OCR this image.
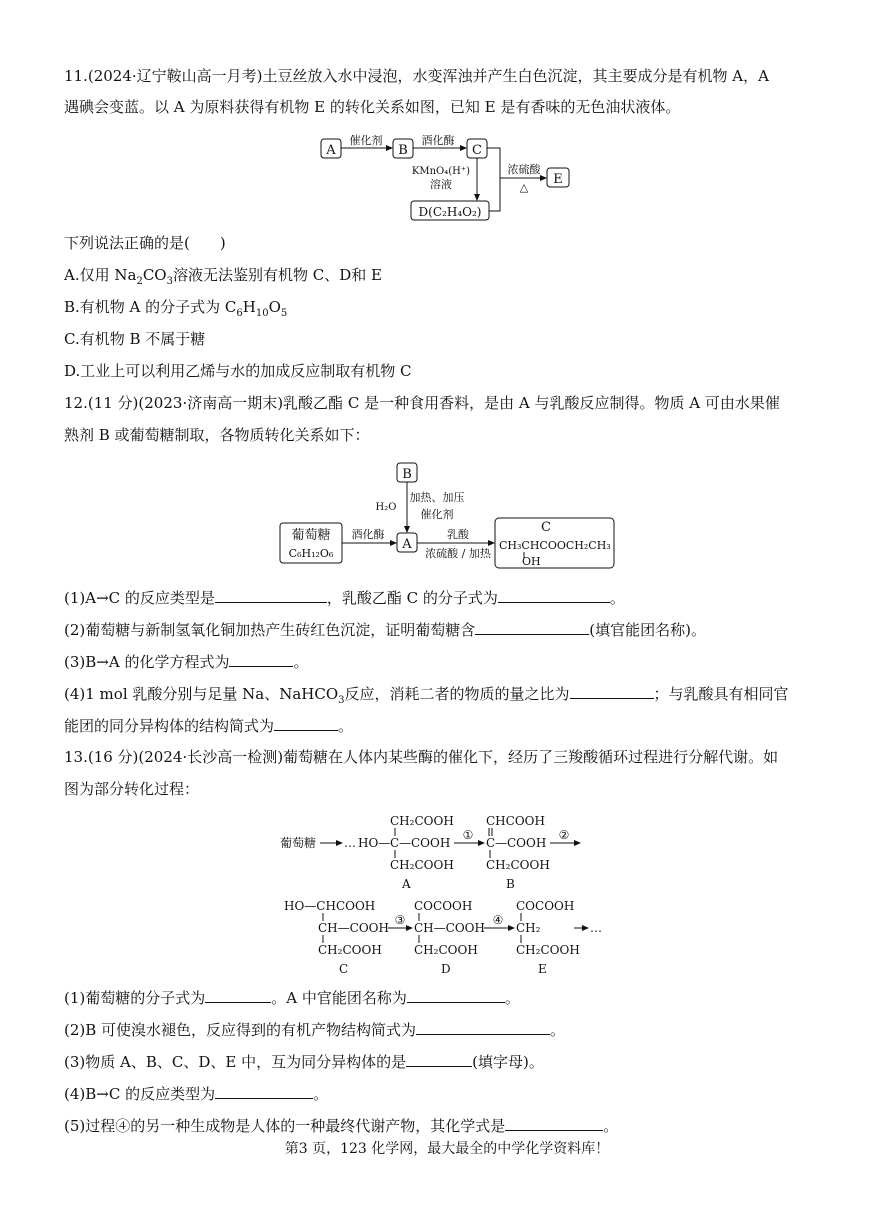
11.(2024·辽宁鞍山高一月考)土豆丝放入水中浸泡，水变浑浊并产生白色沉淀，其主要成分是有机物 A，A
遇碘会变蓝。以 A 为原料获得有机物 E 的转化关系如图，已知 E 是有香味的无色油状液体。
A
催化剂
B
酒化酶
C
KMnO₄(H⁺)
溶液
D(C₂H₄O₂)
浓硫酸
△
E
下列说法正确的是(　　)
A.仅用 $Na_2CO_3$溶液无法鉴别有机物 C、D和 E
B.有机物 A 的分子式为 $C_6H_{10}O_5$
C.有机物 B 不属于糖
D.工业上可以利用乙烯与水的加成反应制取有机物 C
12.(11 分)(2023·济南高一期末)乳酸乙酯 C 是一种食用香料，是由 A 与乳酸反应制得。物质 A 可由水果催
熟剂 B 或葡萄糖制取，各物质转化关系如下：
B
H₂O
加热、加压
催化剂
葡萄糖
C₆H₁₂O₆
酒化酶
A
乳酸
浓硫酸 / 加热
C
CH₃CHCOOCH₂CH₃
OH
(1)A→C 的反应类型是	，乳酸乙酯 C 的分子式为	。
(2)葡萄糖与新制氢氧化铜加热产生砖红色沉淀，证明葡萄糖含	(填官能团名称)。
(3)B→A 的化学方程式为	。
(4)1 mol 乳酸分别与足量 Na、NaHCO$_3$反应，消耗二者的物质的量之比为	；与乳酸具有相同官
能团的同分异构体的结构简式为	。
13.(16 分)(2024·长沙高一检测)葡萄糖在人体内某些酶的催化下，经历了三羧酸循环过程进行分解代谢。如
图为部分转化过程：
葡萄糖 … HO—
CH₂COOH
C —COOH
CH₂COOH
A
①
CHCOOH
C —COOH
CH₂COOH
B
②
HO—CHCOOH
CH—COOH
CH₂COOH
C
③
COCOOH
CH—COOH
CH₂COOH
D
④
COCOOH
CH₂
CH₂COOH
E
…
(1)葡萄糖的分子式为	。A 中官能团名称为	。
(2)B 可使溴水褪色，反应得到的有机产物结构简式为	。
(3)物质 A、B、C、D、E 中，互为同分异构体的是	(填字母)。
(4)B→C 的反应类型为	。
(5)过程④的另一种生成物是人体的一种最终代谢产物，其化学式是	。
第3 页，123 化学网，最大最全的中学化学资料库！
